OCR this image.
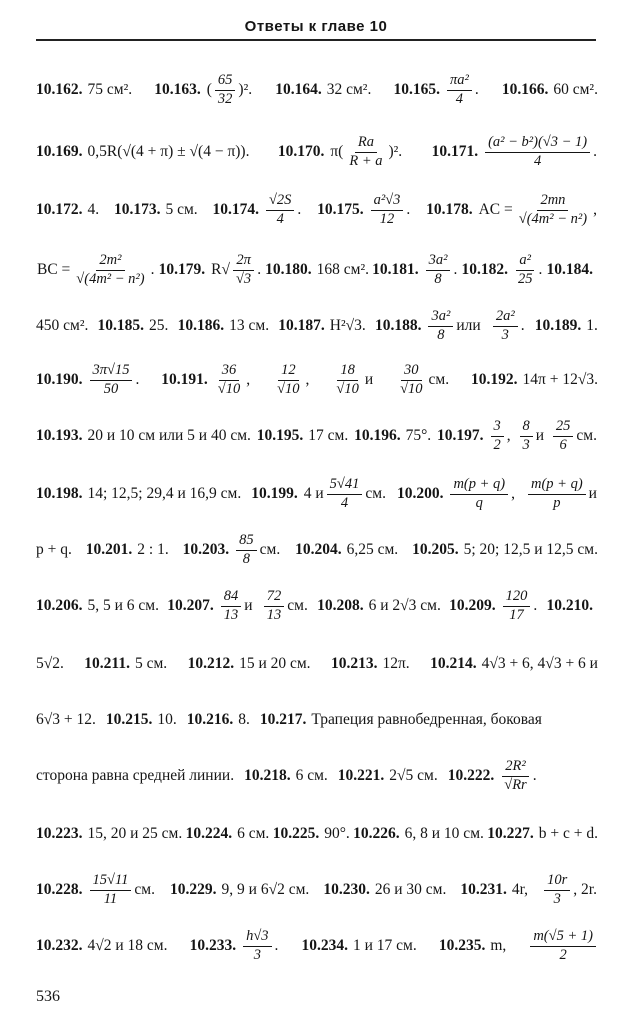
Ответы к главе 10
10.162. 75 см². 10.163. ( $\frac{65}{32} )^2$. 10.164. 32 см². 10.165. $\frac{\text{πa²}}{4}$ . 10.166. 60 см².
10.169. 0,5R(√(4 + π) ± √(4 − π)). 10.170. $\pi( \frac{Ra}{R + a} )^2$. 10.171. $\frac{\text{(a² − b²)(√3 − 1)}}{4}$ .
10.172. 4. 10.173. 5 см. 10.174. $\frac{√2S}{4}$ . 10.175. $\frac{\text{a²√3}}{12}$ . 10.178. AC = $\frac{2mn}{\text{√(4m² − n²)}}$ ,
BC = $\frac{\text{2m²}}{\text{√(4m² − n²)}}$ . 10.179. $R√ \frac{2\pi}{√3}$ . 10.180. 168 см². 10.181. $\frac{\text{3a²}}{8}$ . 10.182. $\frac{\text{a²}}{25}$ . 10.184.
450 см². 10.185. 25. 10.186. 13 см. 10.187. H²√3. 10.188. $\frac{\text{3a²}}{8}$ или $\frac{\text{2a²}}{3}$ . 10.189. 1.
10.190. $\frac{3\pi√15}{50}$ . 10.191. $\frac{36}{√10}$ , $\frac{12}{√10}$ , $\frac{18}{√10}$ и $\frac{30}{√10}$ см. 10.192. 14π + 12√3.
10.193. 20 и 10 см или 5 и 40 см. 10.195. 17 см. 10.196. 75°. 10.197. $\frac{3}{2}$ , $\frac{8}{3}$ и $\frac{25}{6}$ см.
10.198. 14; 12,5; 29,4 и 16,9 см. 10.199. 4 и $\frac{5√41}{4}$ см. 10.200. $\frac{m(p + q)}{q}$ , $\frac{m(p + q)}{p}$ и
p + q. 10.201. 2 : 1. 10.203. $\frac{85}{8}$ см. 10.204. 6,25 см. 10.205. 5; 20; 12,5 и 12,5 см.
10.206. 5, 5 и 6 см. 10.207. $\frac{84}{13}$ и $\frac{72}{13}$ см. 10.208. 6 и 2√3 см. 10.209. $\frac{120}{17}$ . 10.210.
5√2. 10.211. 5 см. 10.212. 15 и 20 см. 10.213. 12π. 10.214. 4√3 + 6, 4√3 + 6 и
6√3 + 12. 10.215. 10. 10.216. 8. 10.217. Трапеция равнобедренная, боковая
сторона равна средней линии. 10.218. 6 см. 10.221. 2√5 см. 10.222. $\frac{\text{2R²}}{√Rr}$ .
10.223. 15, 20 и 25 см. 10.224. 6 см. 10.225. 90°. 10.226. 6, 8 и 10 см. 10.227. b + c + d.
10.228. $\frac{15√11}{11}$ см. 10.229. 9, 9 и 6√2 см. 10.230. 26 и 30 см. 10.231. 4r, $\frac{10r}{3}$ , 2r.
10.232. 4√2 и 18 см. 10.233. $\frac{h√3}{3}$ . 10.234. 1 и 17 см. 10.235. m, $\frac{m(√5 + 1)}{2}$
536
